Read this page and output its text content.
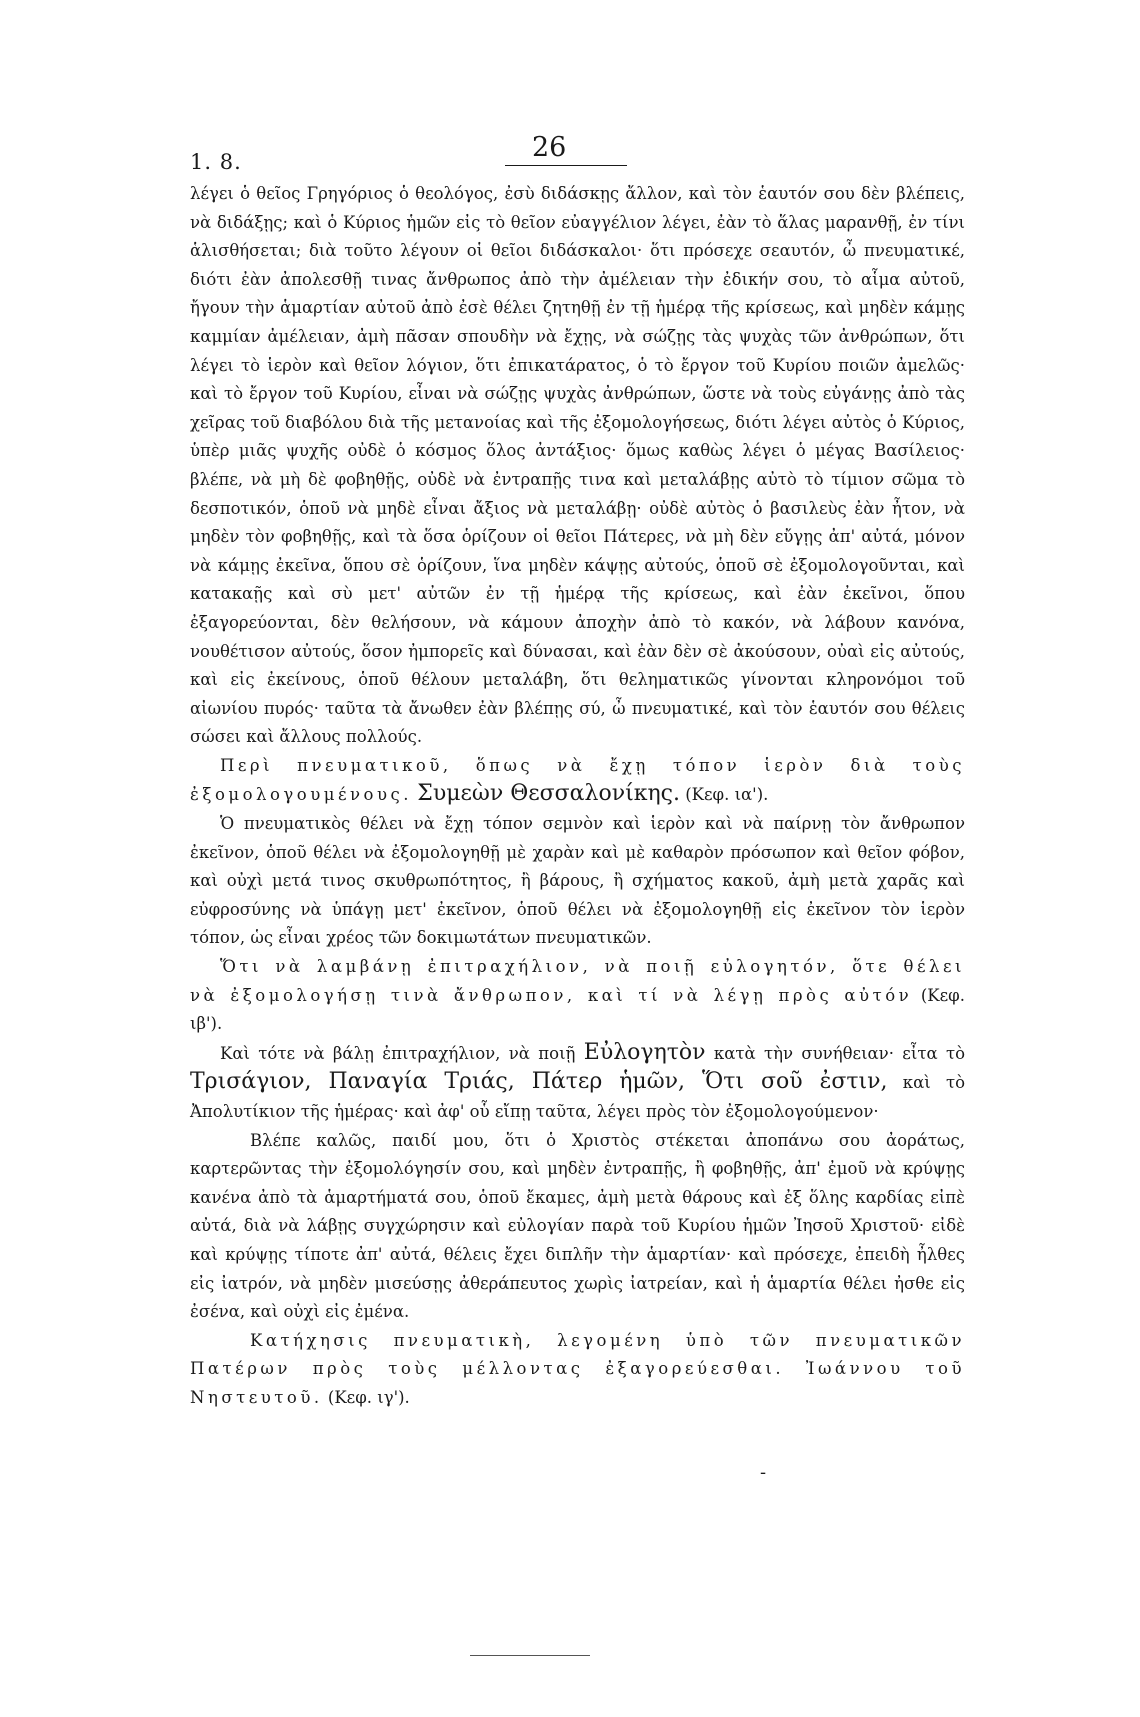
1. 8.	26

λέγει ὁ θεῖος Γρηγόριος ὁ θεολόγος, ἐσὺ διδάσκῃς ἄλλον, καὶ τὸν ἑαυτόν σου δὲν βλέπεις, νὰ διδάξῃς; καὶ ὁ Κύριος ἡμῶν εἰς τὸ θεῖον εὐαγγέλιον λέγει, ἐὰν τὸ ἅλας μαρανθῇ, ἐν τίνι ἁλισθήσεται; διὰ τοῦτο λέγουν οἱ θεῖοι διδάσκαλοι· ὅτι πρόσεχε σεαυτόν, ὦ πνευματικέ, διότι ἐὰν ἀπολεσθῇ τινας ἄνθρωπος ἀπὸ τὴν ἀμέλειαν τὴν ἐδικήν σου, τὸ αἷμα αὐτοῦ, ἤγουν τὴν ἁμαρτίαν αὐτοῦ ἀπὸ ἐσὲ θέλει ζητηθῇ ἐν τῇ ἡμέρᾳ τῆς κρίσεως, καὶ μηδὲν κάμῃς καμμίαν ἀμέλειαν, ἀμὴ πᾶσαν σπουδὴν νὰ ἔχῃς, νὰ σώζῃς τὰς ψυχὰς τῶν ἀνθρώπων, ὅτι λέγει τὸ ἱερὸν καὶ θεῖον λόγιον, ὅτι ἐπικατάρατος, ὁ τὸ ἔργον τοῦ Κυρίου ποιῶν ἀμελῶς· καὶ τὸ ἔργον τοῦ Κυρίου, εἶναι νὰ σώζῃς ψυχὰς ἀνθρώπων, ὥστε νὰ τοὺς εὐγάνῃς ἀπὸ τὰς χεῖρας τοῦ διαβόλου διὰ τῆς μετανοίας καὶ τῆς ἐξομολογήσεως, διότι λέγει αὐτὸς ὁ Κύριος, ὑπὲρ μιᾶς ψυχῆς οὐδὲ ὁ κόσμος ὅλος ἀντάξιος· ὅμως καθὼς λέγει ὁ μέγας Βασίλειος· βλέπε, νὰ μὴ δὲ φοβηθῇς, οὐδὲ νὰ ἐντραπῇς τινα καὶ μεταλάβῃς αὐτὸ τὸ τίμιον σῶμα τὸ δεσποτικόν, ὁποῦ νὰ μηδὲ εἶναι ἄξιος νὰ μεταλάβῃ· οὐδὲ αὐτὸς ὁ βασιλεὺς ἐὰν ἦτον, νὰ μηδὲν τὸν φοβηθῇς, καὶ τὰ ὅσα ὁρίζουν οἱ θεῖοι Πάτερες, νὰ μὴ δὲν εὔγῃς ἀπ' αὐτά, μόνον νὰ κάμῃς ἐκεῖνα, ὅπου σὲ ὁρίζουν, ἵνα μηδὲν κάψῃς αὐτούς, ὁποῦ σὲ ἐξομολογοῦνται, καὶ κατακαῇς καὶ σὺ μετ' αὐτῶν ἐν τῇ ἡμέρᾳ τῆς κρίσεως, καὶ ἐὰν ἐκεῖνοι, ὅπου ἐξαγορεύονται, δὲν θελήσουν, νὰ κάμουν ἀποχὴν ἀπὸ τὸ κακόν, νὰ λάβουν κανόνα, νουθέτισον αὐτούς, ὅσον ἠμπορεῖς καὶ δύνασαι, καὶ ἐὰν δὲν σὲ ἀκούσουν, οὐαὶ εἰς αὐτούς, καὶ εἰς ἐκείνους, ὁποῦ θέλουν μεταλάβη, ὅτι θεληματικῶς γίνονται κληρονόμοι τοῦ αἰωνίου πυρός· ταῦτα τὰ ἄνωθεν ἐὰν βλέπῃς σύ, ὦ πνευματικέ, καὶ τὸν ἑαυτόν σου θέλεις σώσει καὶ ἄλλους πολλούς.

Περὶ πνευματικοῦ, ὅπως νὰ ἔχῃ τόπον ἱερὸν διὰ τοὺς ἐξομολογουμένους. Συμεὼν Θεσσαλονίκης. (Κεφ. ια').

Ὁ πνευματικὸς θέλει νὰ ἔχῃ τόπον σεμνὸν καὶ ἱερὸν καὶ νὰ παίρνῃ τὸν ἄνθρωπον ἐκεῖνον, ὁποῦ θέλει νὰ ἐξομολογηθῇ μὲ χαρὰν καὶ μὲ καθαρὸν πρόσωπον καὶ θεῖον φόβον, καὶ οὐχὶ μετά τινος σκυθρωπότητος, ἢ βάρους, ἢ σχήματος κακοῦ, ἀμὴ μετὰ χαρᾶς καὶ εὐφροσύνης νὰ ὑπάγῃ μετ' ἐκεῖνον, ὁποῦ θέλει νὰ ἐξομολογηθῇ εἰς ἐκεῖνον τὸν ἱερὸν τόπον, ὡς εἶναι χρέος τῶν δοκιμωτάτων πνευματικῶν.

Ὅτι νὰ λαμβάνῃ ἐπιτραχήλιον, νὰ ποιῇ εὐλογητόν, ὅτε θέλει νὰ ἐξομολογήσῃ τινὰ ἄνθρωπον, καὶ τί νὰ λέγῃ πρὸς αὐτόν (Κεφ. ιβ').

Καὶ τότε νὰ βάλῃ ἐπιτραχήλιον, νὰ ποιῇ Εὐλογητὸν κατὰ τὴν συνήθειαν· εἶτα τὸ Τρισάγιον, Παναγία Τριάς, Πάτερ ἡμῶν, Ὅτι σοῦ ἐστιν, καὶ τὸ Ἀπολυτίκιον τῆς ἡμέρας· καὶ ἀφ' οὗ εἴπῃ ταῦτα, λέγει πρὸς τὸν ἐξομολογούμενον·

Βλέπε καλῶς, παιδί μου, ὅτι ὁ Χριστὸς στέκεται ἀποπάνω σου ἀοράτως, καρτερῶντας τὴν ἐξομολόγησίν σου, καὶ μηδὲν ἐντραπῇς, ἢ φοβηθῇς, ἀπ' ἐμοῦ νὰ κρύψῃς κανένα ἀπὸ τὰ ἁμαρτήματά σου, ὁποῦ ἔκαμες, ἀμὴ μετὰ θάρους καὶ ἐξ ὅλης καρδίας εἰπὲ αὐτά, διὰ νὰ λάβῃς συγχώρησιν καὶ εὐλογίαν παρὰ τοῦ Κυρίου ἡμῶν Ἰησοῦ Χριστοῦ· εἰδὲ καὶ κρύψῃς τίποτε ἀπ' αὐτά, θέλεις ἔχει διπλῆν τὴν ἁμαρτίαν· καὶ πρόσεχε, ἐπειδὴ ἦλθες εἰς ἰατρόν, νὰ μηδὲν μισεύσῃς ἀθεράπευτος χωρὶς ἰατρείαν, καὶ ἡ ἁμαρτία θέλει ἠσθε εἰς ἐσένα, καὶ οὐχὶ εἰς ἐμένα.

Κατήχησις πνευματικὴ, λεγομένη ὑπὸ τῶν πνευματικῶν Πατέρων πρὸς τοὺς μέλλοντας ἐξαγορεύεσθαι. Ἰωάννου τοῦ Νηστευτοῦ. (Κεφ. ιγ').

-
